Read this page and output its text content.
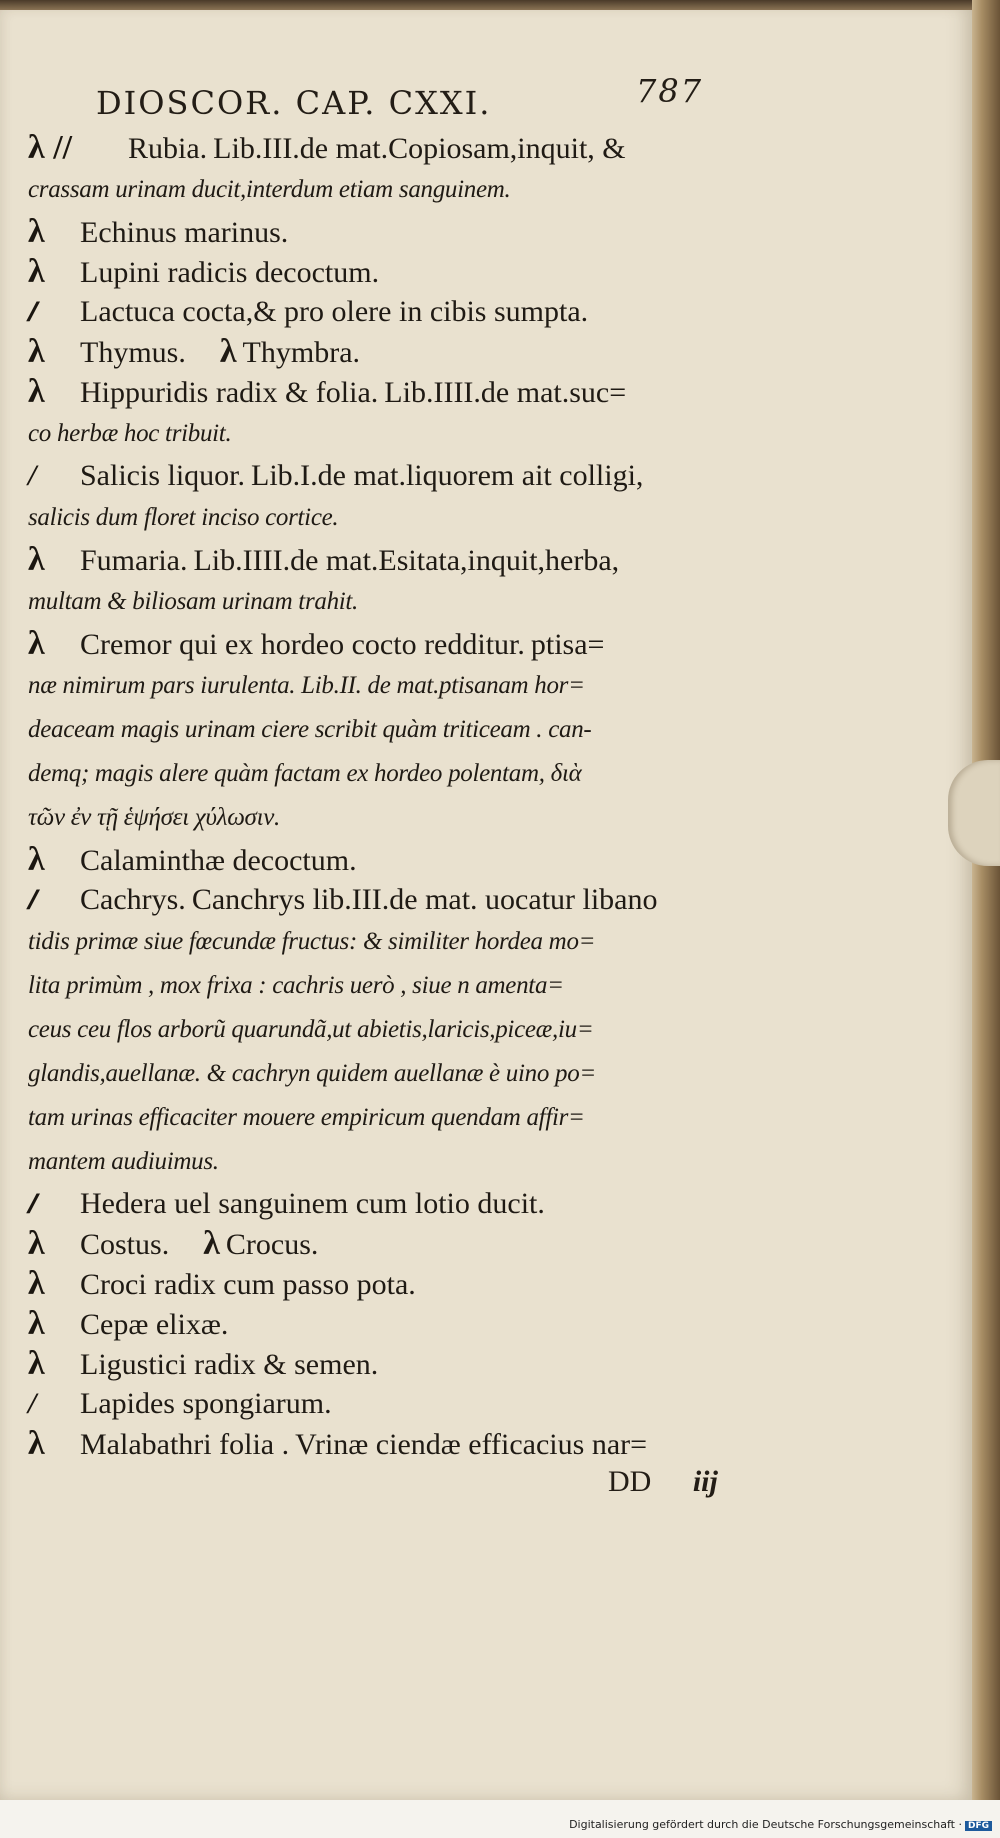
DIOSCOR. CAP. CXXI.	787
λ // Rubia. Lib.III.de mat.Copiosam,inquit, &
crassam urinam ducit,interdum etiam sanguinem.
λ Echinus marinus.
λ Lupini radicis decoctum.
// Lactuca cocta,& pro olere in cibis sumpta.
λ Thymus. λ Thymbra.
λ Hippuridis radix & folia. Lib.IIII.de mat.suc=
co herbæ hoc tribuit.
/ Salicis liquor. Lib.I.de mat.liquorem ait colligi,
salicis dum floret inciso cortice.
λ Fumaria. Lib.IIII.de mat.Esitata,inquit,herba,
multam & biliosam urinam trahit.
λ Cremor qui ex hordeo cocto redditur. ptisa=
næ nimirum pars iurulenta. Lib.II. de mat.ptisanam hor=
deaceam magis urinam ciere scribit quàm triticeam . can-
demq; magis alere quàm factam ex hordeo polentam, διὰ
τῶν ἐν τῇ ἑψήσει χύλωσιν.
λ Calaminthæ decoctum.
// Cachrys. Canchrys lib.III.de mat. uocatur libano
tidis primæ siue fœcundæ fructus: & similiter hordea mo=
lita primùm , mox frixa : cachris uerò , siue n amenta=
ceus ceu flos arborũ quarundã,ut abietis,laricis,piceæ,iu=
glandis,auellanæ. & cachryn quidem auellanæ è uino po=
tam urinas efficaciter mouere empiricum quendam affir=
mantem audiuimus.
// Hedera uel sanguinem cum lotio ducit.
λ Costus. λ Crocus.
λ Croci radix cum passo pota.
λ Cepæ elixæ.
λ Ligustici radix & semen.
/ Lapides spongiarum.
λ Malabathri folia . Vrinæ ciendæ efficacius nar=
DD iij
Digitalisierung gefördert durch die Deutsche Forschungsgemeinschaft · DFG
